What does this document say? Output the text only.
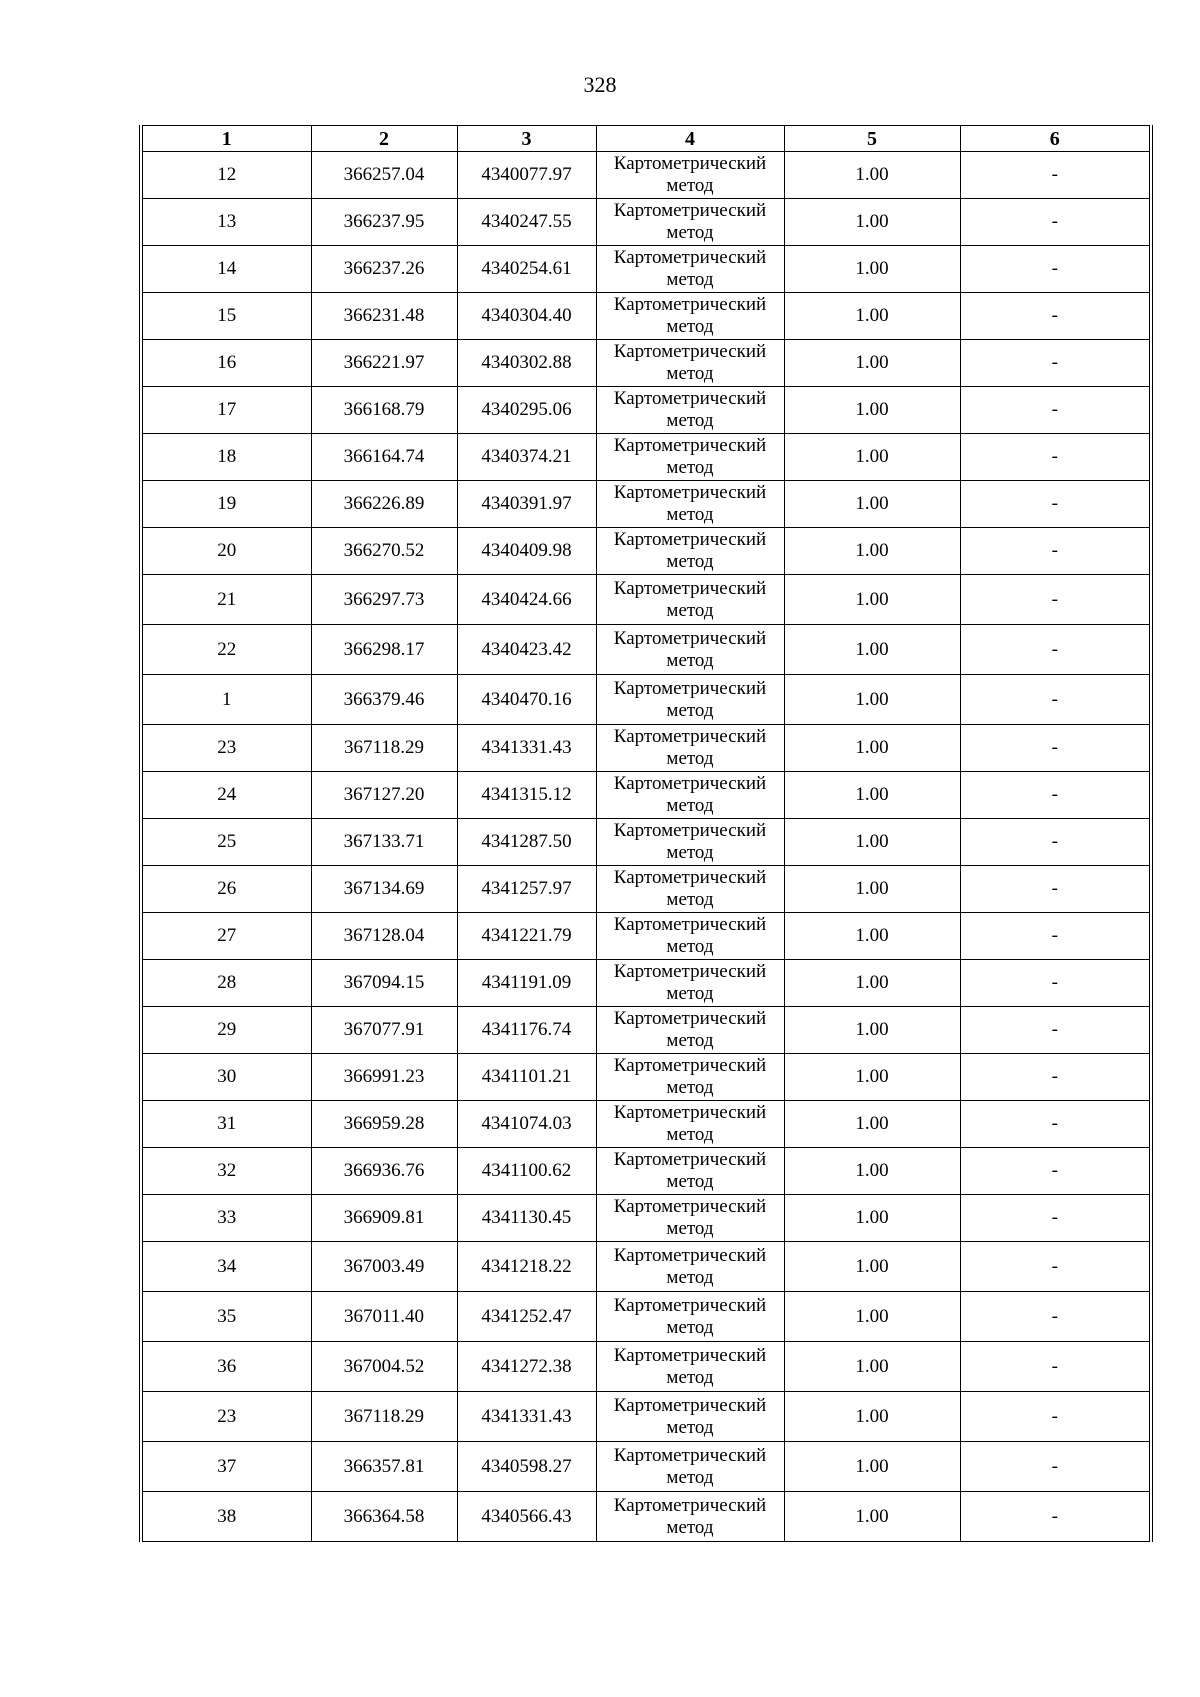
328
1	2	3	4	5	6
12	366257.04	4340077.97	Картометрический метод	1.00	-
13	366237.95	4340247.55	Картометрический метод	1.00	-
14	366237.26	4340254.61	Картометрический метод	1.00	-
15	366231.48	4340304.40	Картометрический метод	1.00	-
16	366221.97	4340302.88	Картометрический метод	1.00	-
17	366168.79	4340295.06	Картометрический метод	1.00	-
18	366164.74	4340374.21	Картометрический метод	1.00	-
19	366226.89	4340391.97	Картометрический метод	1.00	-
20	366270.52	4340409.98	Картометрический метод	1.00	-
21	366297.73	4340424.66	Картометрический метод	1.00	-
22	366298.17	4340423.42	Картометрический метод	1.00	-
1	366379.46	4340470.16	Картометрический метод	1.00	-
23	367118.29	4341331.43	Картометрический метод	1.00	-
24	367127.20	4341315.12	Картометрический метод	1.00	-
25	367133.71	4341287.50	Картометрический метод	1.00	-
26	367134.69	4341257.97	Картометрический метод	1.00	-
27	367128.04	4341221.79	Картометрический метод	1.00	-
28	367094.15	4341191.09	Картометрический метод	1.00	-
29	367077.91	4341176.74	Картометрический метод	1.00	-
30	366991.23	4341101.21	Картометрический метод	1.00	-
31	366959.28	4341074.03	Картометрический метод	1.00	-
32	366936.76	4341100.62	Картометрический метод	1.00	-
33	366909.81	4341130.45	Картометрический метод	1.00	-
34	367003.49	4341218.22	Картометрический метод	1.00	-
35	367011.40	4341252.47	Картометрический метод	1.00	-
36	367004.52	4341272.38	Картометрический метод	1.00	-
23	367118.29	4341331.43	Картометрический метод	1.00	-
37	366357.81	4340598.27	Картометрический метод	1.00	-
38	366364.58	4340566.43	Картометрический метод	1.00	-
